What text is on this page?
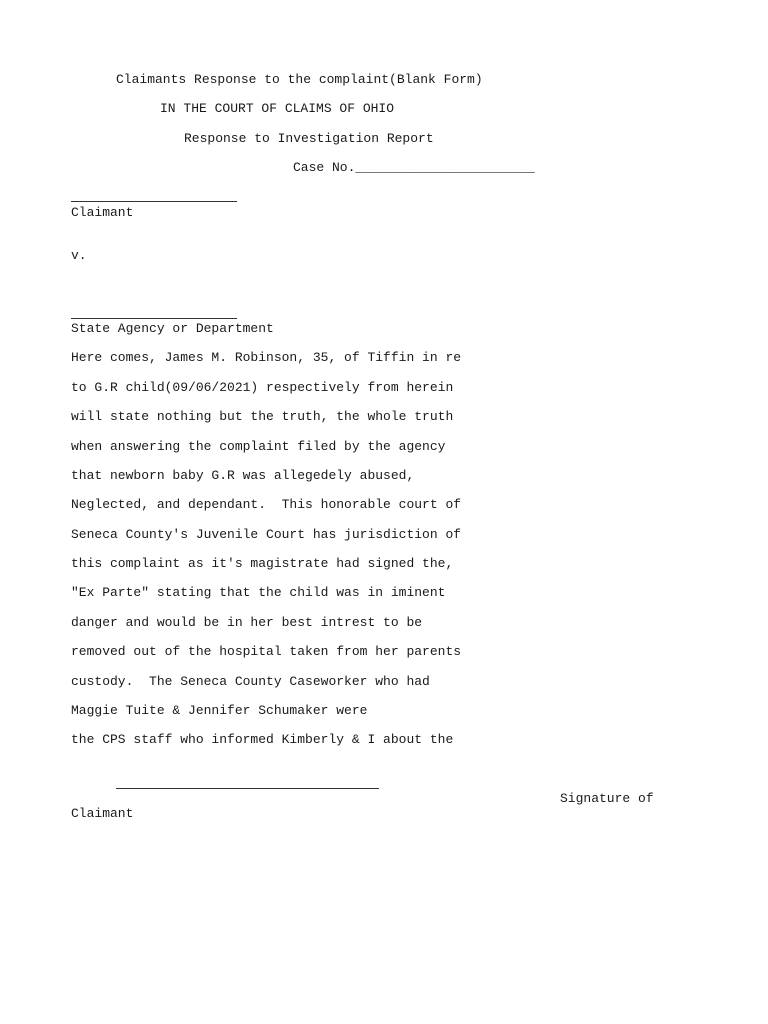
Claimants Response to the complaint(Blank Form)
IN THE COURT OF CLAIMS OF OHIO
Response to Investigation Report
Case No._______________________
Claimant
v.
State Agency or Department
Here comes, James M. Robinson, 35, of Tiffin in re
to G.R child(09/06/2021) respectively from herein
will state nothing but the truth, the whole truth
when answering the complaint filed by the agency
that newborn baby G.R was allegedely abused,
Neglected, and dependant.  This honorable court of
Seneca County's Juvenile Court has jurisdiction of
this complaint as it's magistrate had signed the,
"Ex Parte" stating that the child was in iminent
danger and would be in her best intrest to be
removed out of the hospital taken from her parents
custody.  The Seneca County Caseworker who had
Maggie Tuite & Jennifer Schumaker were
the CPS staff who informed Kimberly & I about the
Signature of
Claimant
